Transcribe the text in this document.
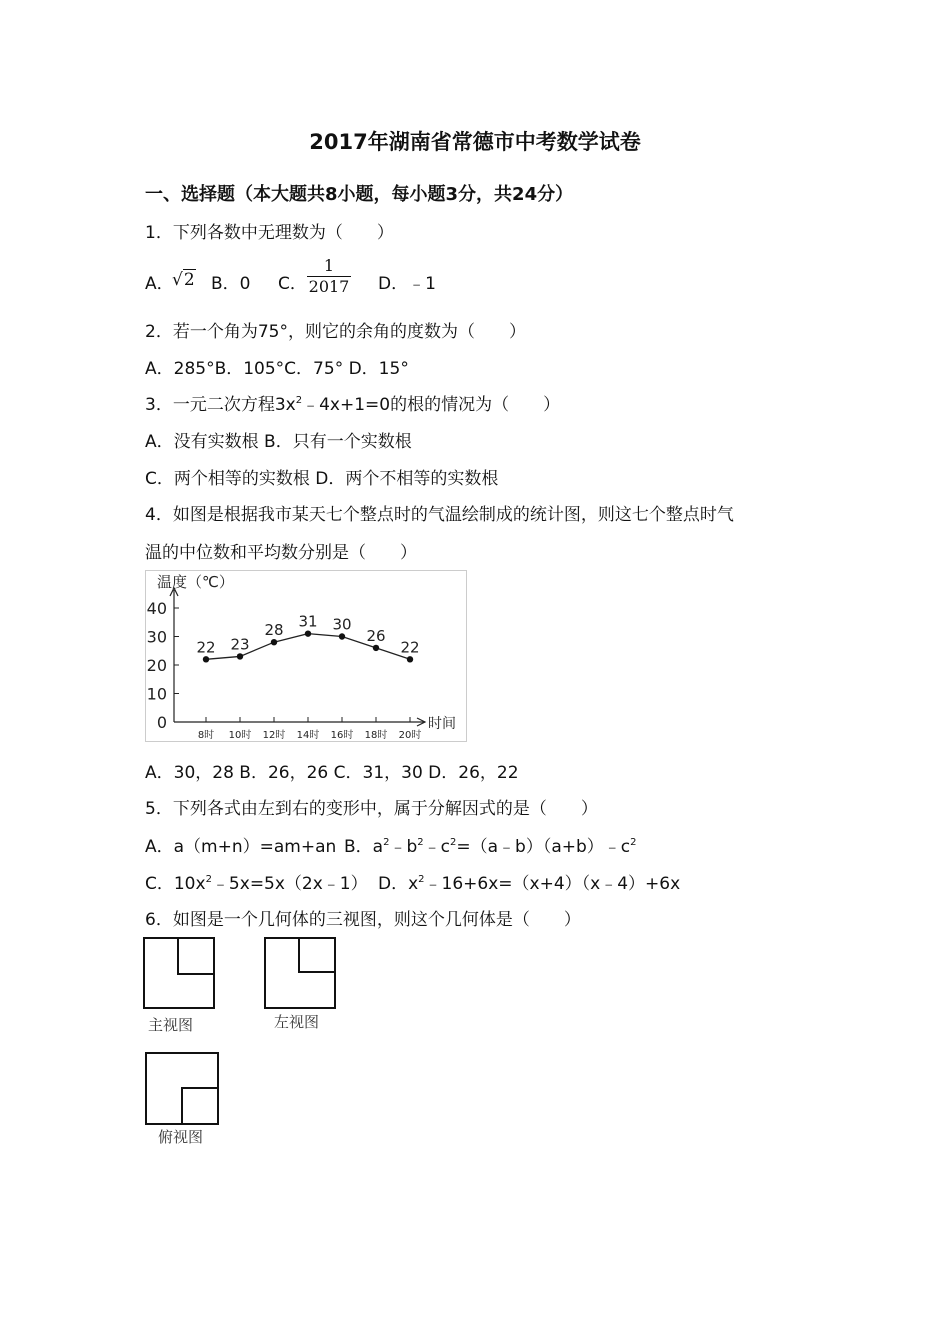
2017年湖南省常德市中考数学试卷
一、选择题（本大题共8小题，每小题3分，共24分）
1．下列各数中无理数为（　　）
A．
√2 B．0 C．
1
2017 D．﹣1
2．若一个角为75°，则它的余角的度数为（　　）
A．285°B．105°C．75° D．15°
3．一元二次方程$3x^2﹣4x+1=0$的根的情况为（　　）
A．没有实数根 B．只有一个实数根
C．两个相等的实数根 D．两个不相等的实数根
4．如图是根据我市某天七个整点时的气温绘制成的统计图，则这七个整点时气
温的中位数和平均数分别是（　　）
温度（℃）
时间
0
10
20
30
40
8时 10时 12时 14时 16时 18时 20时
22 23
28 31 30
26
22
A．30，28 B．26，26 C．31，30 D．26，22
5．下列各式由左到右的变形中，属于分解因式的是（　　）
A．a（m+n）=am+an B．$a^2﹣b^2﹣c^2=(a﹣b)(a+b)﹣c^2$
C．$10x^2﹣5x=5x(2x﹣1)$ D．$x^2﹣16+6x=(x+4)(x﹣4)+6x$
6．如图是一个几何体的三视图，则这个几何体是（　　）
主视图	左视图
俯视图
